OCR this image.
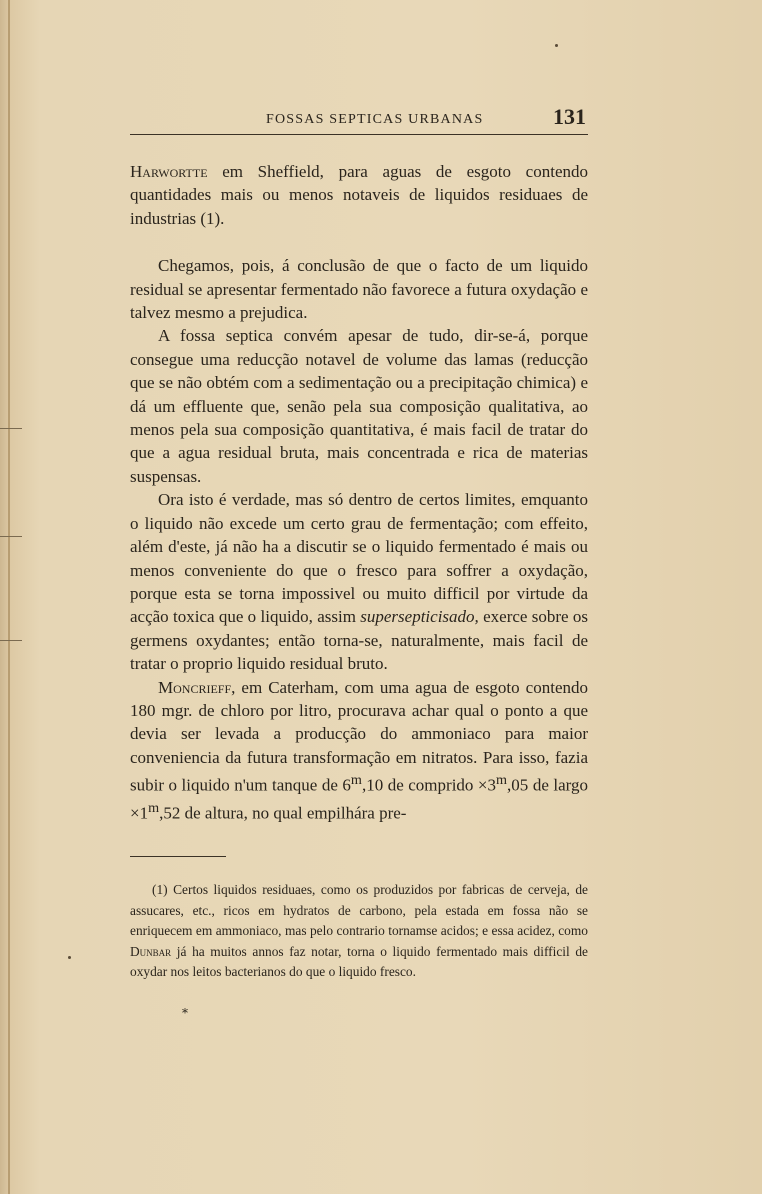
FOSSAS SEPTICAS URBANAS	131

Harwortte em Sheffield, para aguas de esgoto contendo quantidades mais ou menos notaveis de liquidos residuaes de industrias (1).

Chegamos, pois, á conclusão de que o facto de um liquido residual se apresentar fermentado não favorece a futura oxydação e talvez mesmo a prejudica.

A fossa septica convém apesar de tudo, dir-se-á, porque consegue uma reducção notavel de volume das lamas (reducção que se não obtém com a sedimentação ou a precipitação chimica) e dá um effluente que, senão pela sua composição qualitativa, ao menos pela sua composição quantitativa, é mais facil de tratar do que a agua residual bruta, mais concentrada e rica de materias suspensas.

Ora isto é verdade, mas só dentro de certos limites, emquanto o liquido não excede um certo grau de fermentação; com effeito, além d'este, já não ha a discutir se o liquido fermentado é mais ou menos conveniente do que o fresco para soffrer a oxydação, porque esta se torna impossivel ou muito difficil por virtude da acção toxica que o liquido, assim supersepticisado, exerce sobre os germens oxydantes; então torna-se, naturalmente, mais facil de tratar o proprio liquido residual bruto.

Moncrieff, em Caterham, com uma agua de esgoto contendo 180 mgr. de chloro por litro, procurava achar qual o ponto a que devia ser levada a producção do ammoniaco para maior conveniencia da futura transformação em nitratos. Para isso, fazia subir o liquido n'um tanque de 6$^m$,10 de comprido $\times 3^m,05$ de largo $\times 1^m,52$ de altura, no qual empilhára pre-

(1) Certos liquidos residuaes, como os produzidos por fabricas de cerveja, de assucares, etc., ricos em hydratos de carbono, pela estada em fossa não se enriquecem em ammoniaco, mas pelo contrario tornamse acidos; e essa acidez, como Dunbar já ha muitos annos faz notar, torna o liquido fermentado mais difficil de oxydar nos leitos bacterianos do que o liquido fresco.

*
